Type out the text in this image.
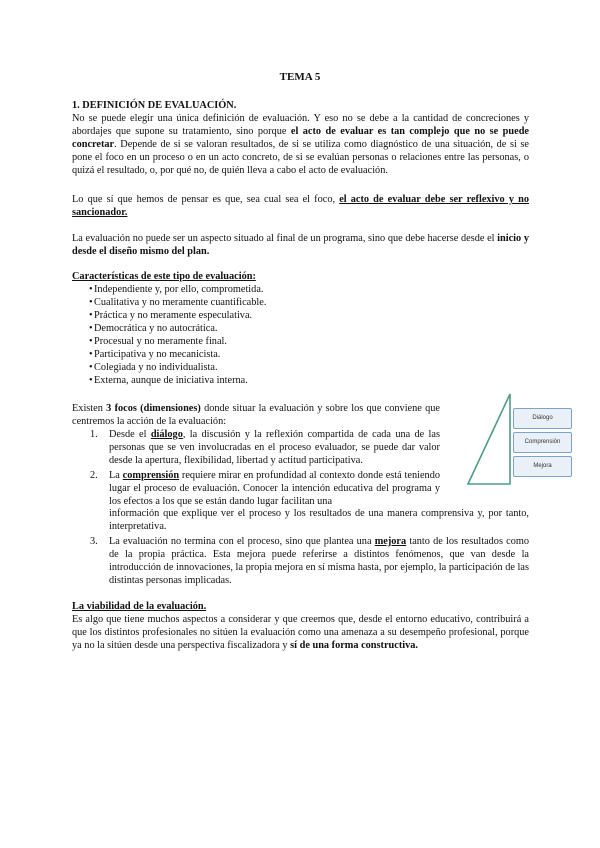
TEMA 5

1. DEFINICIÓN DE EVALUACIÓN.

No se puede elegir una única definición de evaluación. Y eso no se debe a la cantidad de concreciones y abordajes que supone su tratamiento, sino porque el acto de evaluar es tan complejo que no se puede concretar. Depende de si se valoran resultados, de si se utiliza como diagnóstico de una situación, de si se pone el foco en un proceso o en un acto concreto, de si se evalúan personas o relaciones entre las personas, o quizá el resultado, o, por qué no, de quién lleva a cabo el acto de evaluación.

Lo que sí que hemos de pensar es que, sea cual sea el foco, el acto de evaluar debe ser reflexivo y no sancionador.

La evaluación no puede ser un aspecto situado al final de un programa, sino que debe hacerse desde el inicio y desde el diseño mismo del plan.

Características de este tipo de evaluación:

• Independiente y, por ello, comprometida.
• Cualitativa y no meramente cuantificable.
• Práctica y no meramente especulativa.
• Democrática y no autocrática.
• Procesual y no meramente final.
• Participativa y no mecanicista.
• Colegiada y no individualista.
• Externa, aunque de iniciativa interna.

Existen 3 focos (dimensiones) donde situar la evaluación y sobre los que conviene que centremos la acción de la evaluación:

1. Desde el diálogo, la discusión y la reflexión compartida de cada una de las personas que se ven involucradas en el proceso evaluador, se puede dar valor desde la apertura, flexibilidad, libertad y actitud participativa.
2. La comprensión requiere mirar en profundidad al contexto donde está teniendo lugar el proceso de evaluación. Conocer la intención educativa del programa y los efectos a los que se están dando lugar facilitan una

información que explique ver el proceso y los resultados de una manera comprensiva y, por tanto, interpretativa.

3. La evaluación no termina con el proceso, sino que plantea una mejora tanto de los resultados como de la propia práctica. Esta mejora puede referirse a distintos fenómenos, que van desde la introducción de innovaciones, la propia mejora en sí misma hasta, por ejemplo, la participación de las distintas personas implicadas.
Diálogo
Comprensión
Mejora

La viabilidad de la evaluación.

Es algo que tiene muchos aspectos a considerar y que creemos que, desde el entorno educativo, contribuirá a que los distintos profesionales no sitúen la evaluación como una amenaza a su desempeño profesional, porque ya no la sitúen desde una perspectiva fiscalizadora y sí de una forma constructiva.
